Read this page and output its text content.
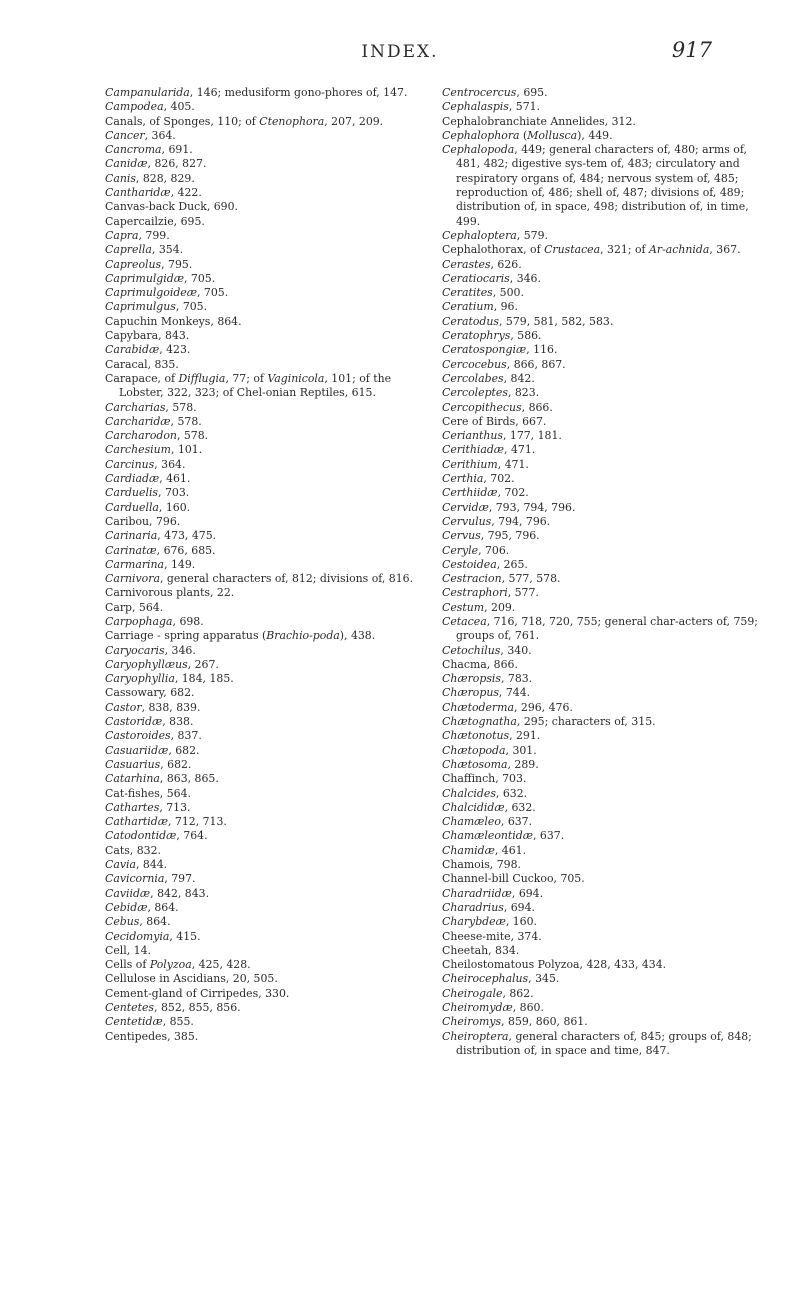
INDEX.	917

Campanularida, 146; medusiform gono-phores of, 147.

Campodea, 405.

Canals, of Sponges, 110; of Ctenophora, 207, 209.

Cancer, 364.

Cancroma, 691.

Canidæ, 826, 827.

Canis, 828, 829.

Cantharidæ, 422.

Canvas-back Duck, 690.

Capercailzie, 695.

Capra, 799.

Caprella, 354.

Capreolus, 795.

Caprimulgidæ, 705.

Caprimulgoideæ, 705.

Caprimulgus, 705.

Capuchin Monkeys, 864.

Capybara, 843.

Carabidæ, 423.

Caracal, 835.

Carapace, of Difflugia, 77; of Vaginicola, 101; of the Lobster, 322, 323; of Chel-onian Reptiles, 615.

Carcharias, 578.

Carcharidæ, 578.

Carcharodon, 578.

Carchesium, 101.

Carcinus, 364.

Cardiadæ, 461.

Carduelis, 703.

Carduella, 160.

Caribou, 796.

Carinaria, 473, 475.

Carinatæ, 676, 685.

Carmarina, 149.

Carnivora, general characters of, 812; divisions of, 816.

Carnivorous plants, 22.

Carp, 564.

Carpophaga, 698.

Carriage - spring apparatus (Brachio-poda), 438.

Caryocaris, 346.

Caryophyllæus, 267.

Caryophyllia, 184, 185.

Cassowary, 682.

Castor, 838, 839.

Castoridæ, 838.

Castoroides, 837.

Casuariidæ, 682.

Casuarius, 682.

Catarhina, 863, 865.

Cat-fishes, 564.

Cathartes, 713.

Cathartidæ, 712, 713.

Catodontidæ, 764.

Cats, 832.

Cavia, 844.

Cavicornia, 797.

Caviidæ, 842, 843.

Cebidæ, 864.

Cebus, 864.

Cecidomyia, 415.

Cell, 14.

Cells of Polyzoa, 425, 428.

Cellulose in Ascidians, 20, 505.

Cement-gland of Cirripedes, 330.

Centetes, 852, 855, 856.

Centetidæ, 855.

Centipedes, 385.

Centrocercus, 695.

Cephalaspis, 571.

Cephalobranchiate Annelides, 312.

Cephalophora (Mollusca), 449.

Cephalopoda, 449; general characters of, 480; arms of, 481, 482; digestive sys-tem of, 483; circulatory and respiratory organs of, 484; nervous system of, 485; reproduction of, 486; shell of, 487; divisions of, 489; distribution of, in space, 498; distribution of, in time, 499.

Cephaloptera, 579.

Cephalothorax, of Crustacea, 321; of Ar-achnida, 367.

Cerastes, 626.

Ceratiocaris, 346.

Ceratites, 500.

Ceratium, 96.

Ceratodus, 579, 581, 582, 583.

Ceratophrys, 586.

Ceratospongiæ, 116.

Cercocebus, 866, 867.

Cercolabes, 842.

Cercoleptes, 823.

Cercopithecus, 866.

Cere of Birds, 667.

Cerianthus, 177, 181.

Cerithiadæ, 471.

Cerithium, 471.

Certhia, 702.

Certhiidæ, 702.

Cervidæ, 793, 794, 796.

Cervulus, 794, 796.

Cervus, 795, 796.

Ceryle, 706.

Cestoidea, 265.

Cestracion, 577, 578.

Cestraphori, 577.

Cestum, 209.

Cetacea, 716, 718, 720, 755; general char-acters of, 759; groups of, 761.

Cetochilus, 340.

Chacma, 866.

Chæropsis, 783.

Chæropus, 744.

Chætoderma, 296, 476.

Chætognatha, 295; characters of, 315.

Chætonotus, 291.

Chætopoda, 301.

Chætosoma, 289.

Chaffinch, 703.

Chalcides, 632.

Chalcididæ, 632.

Chamæleo, 637.

Chamæleontidæ, 637.

Chamidæ, 461.

Chamois, 798.

Channel-bill Cuckoo, 705.

Charadriidæ, 694.

Charadrius, 694.

Charybdeæ, 160.

Cheese-mite, 374.

Cheetah, 834.

Cheilostomatous Polyzoa, 428, 433, 434.

Cheirocephalus, 345.

Cheirogale, 862.

Cheiromydæ, 860.

Cheiromys, 859, 860, 861.

Cheiroptera, general characters of, 845; groups of, 848; distribution of, in space and time, 847.
